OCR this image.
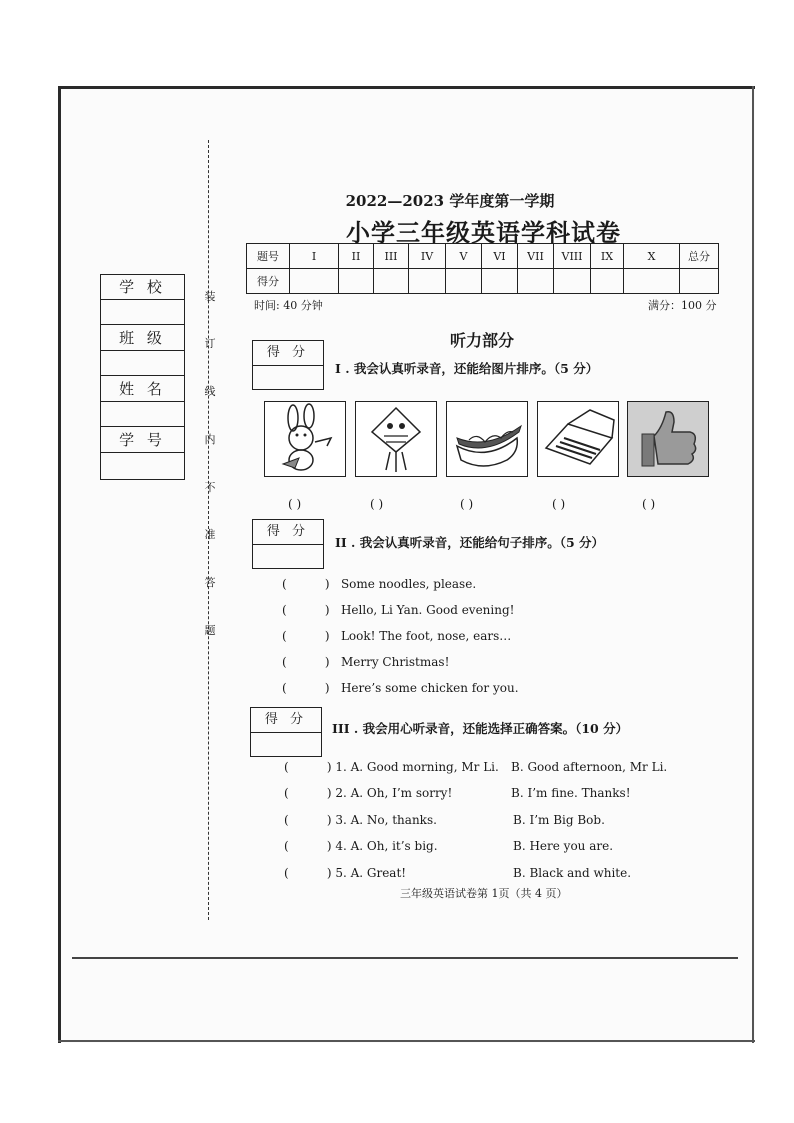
学 校
班 级
姓 名
学 号
装
订
线
内
不
准
答
题
2022—2023 学年度第一学期
小学三年级英语学科试卷
题号	I	II	III	IV	V	VI	VII	VIII	IX	X	总分
得分											
时间: 40 分钟	满分：100 分
听力部分
得 分
I . 我会认真听录音，还能给图片排序。（5 分）
( )	( )	( )	( )	( )
得 分
II . 我会认真听录音，还能给句子排序。（5 分）
(          )   Some noodles, please.
(          )   Hello, Li Yan. Good evening!
(          )   Look! The foot, nose, ears…
(          )   Merry Christmas!
(          )   Here’s some chicken for you.
得 分
III . 我会用心听录音，还能选择正确答案。（10 分）
(          ) 1. A. Good morning, Mr Li. B. Good afternoon, Mr Li.
(          ) 2. A. Oh, I’m sorry!	B. I’m fine. Thanks!
(          ) 3. A. No, thanks.	B. I’m Big Bob.
(          ) 4. A. Oh, it’s big.	B. Here you are.
(          ) 5. A. Great!	B. Black and white.
三年级英语试卷第 1页（共 4 页）
